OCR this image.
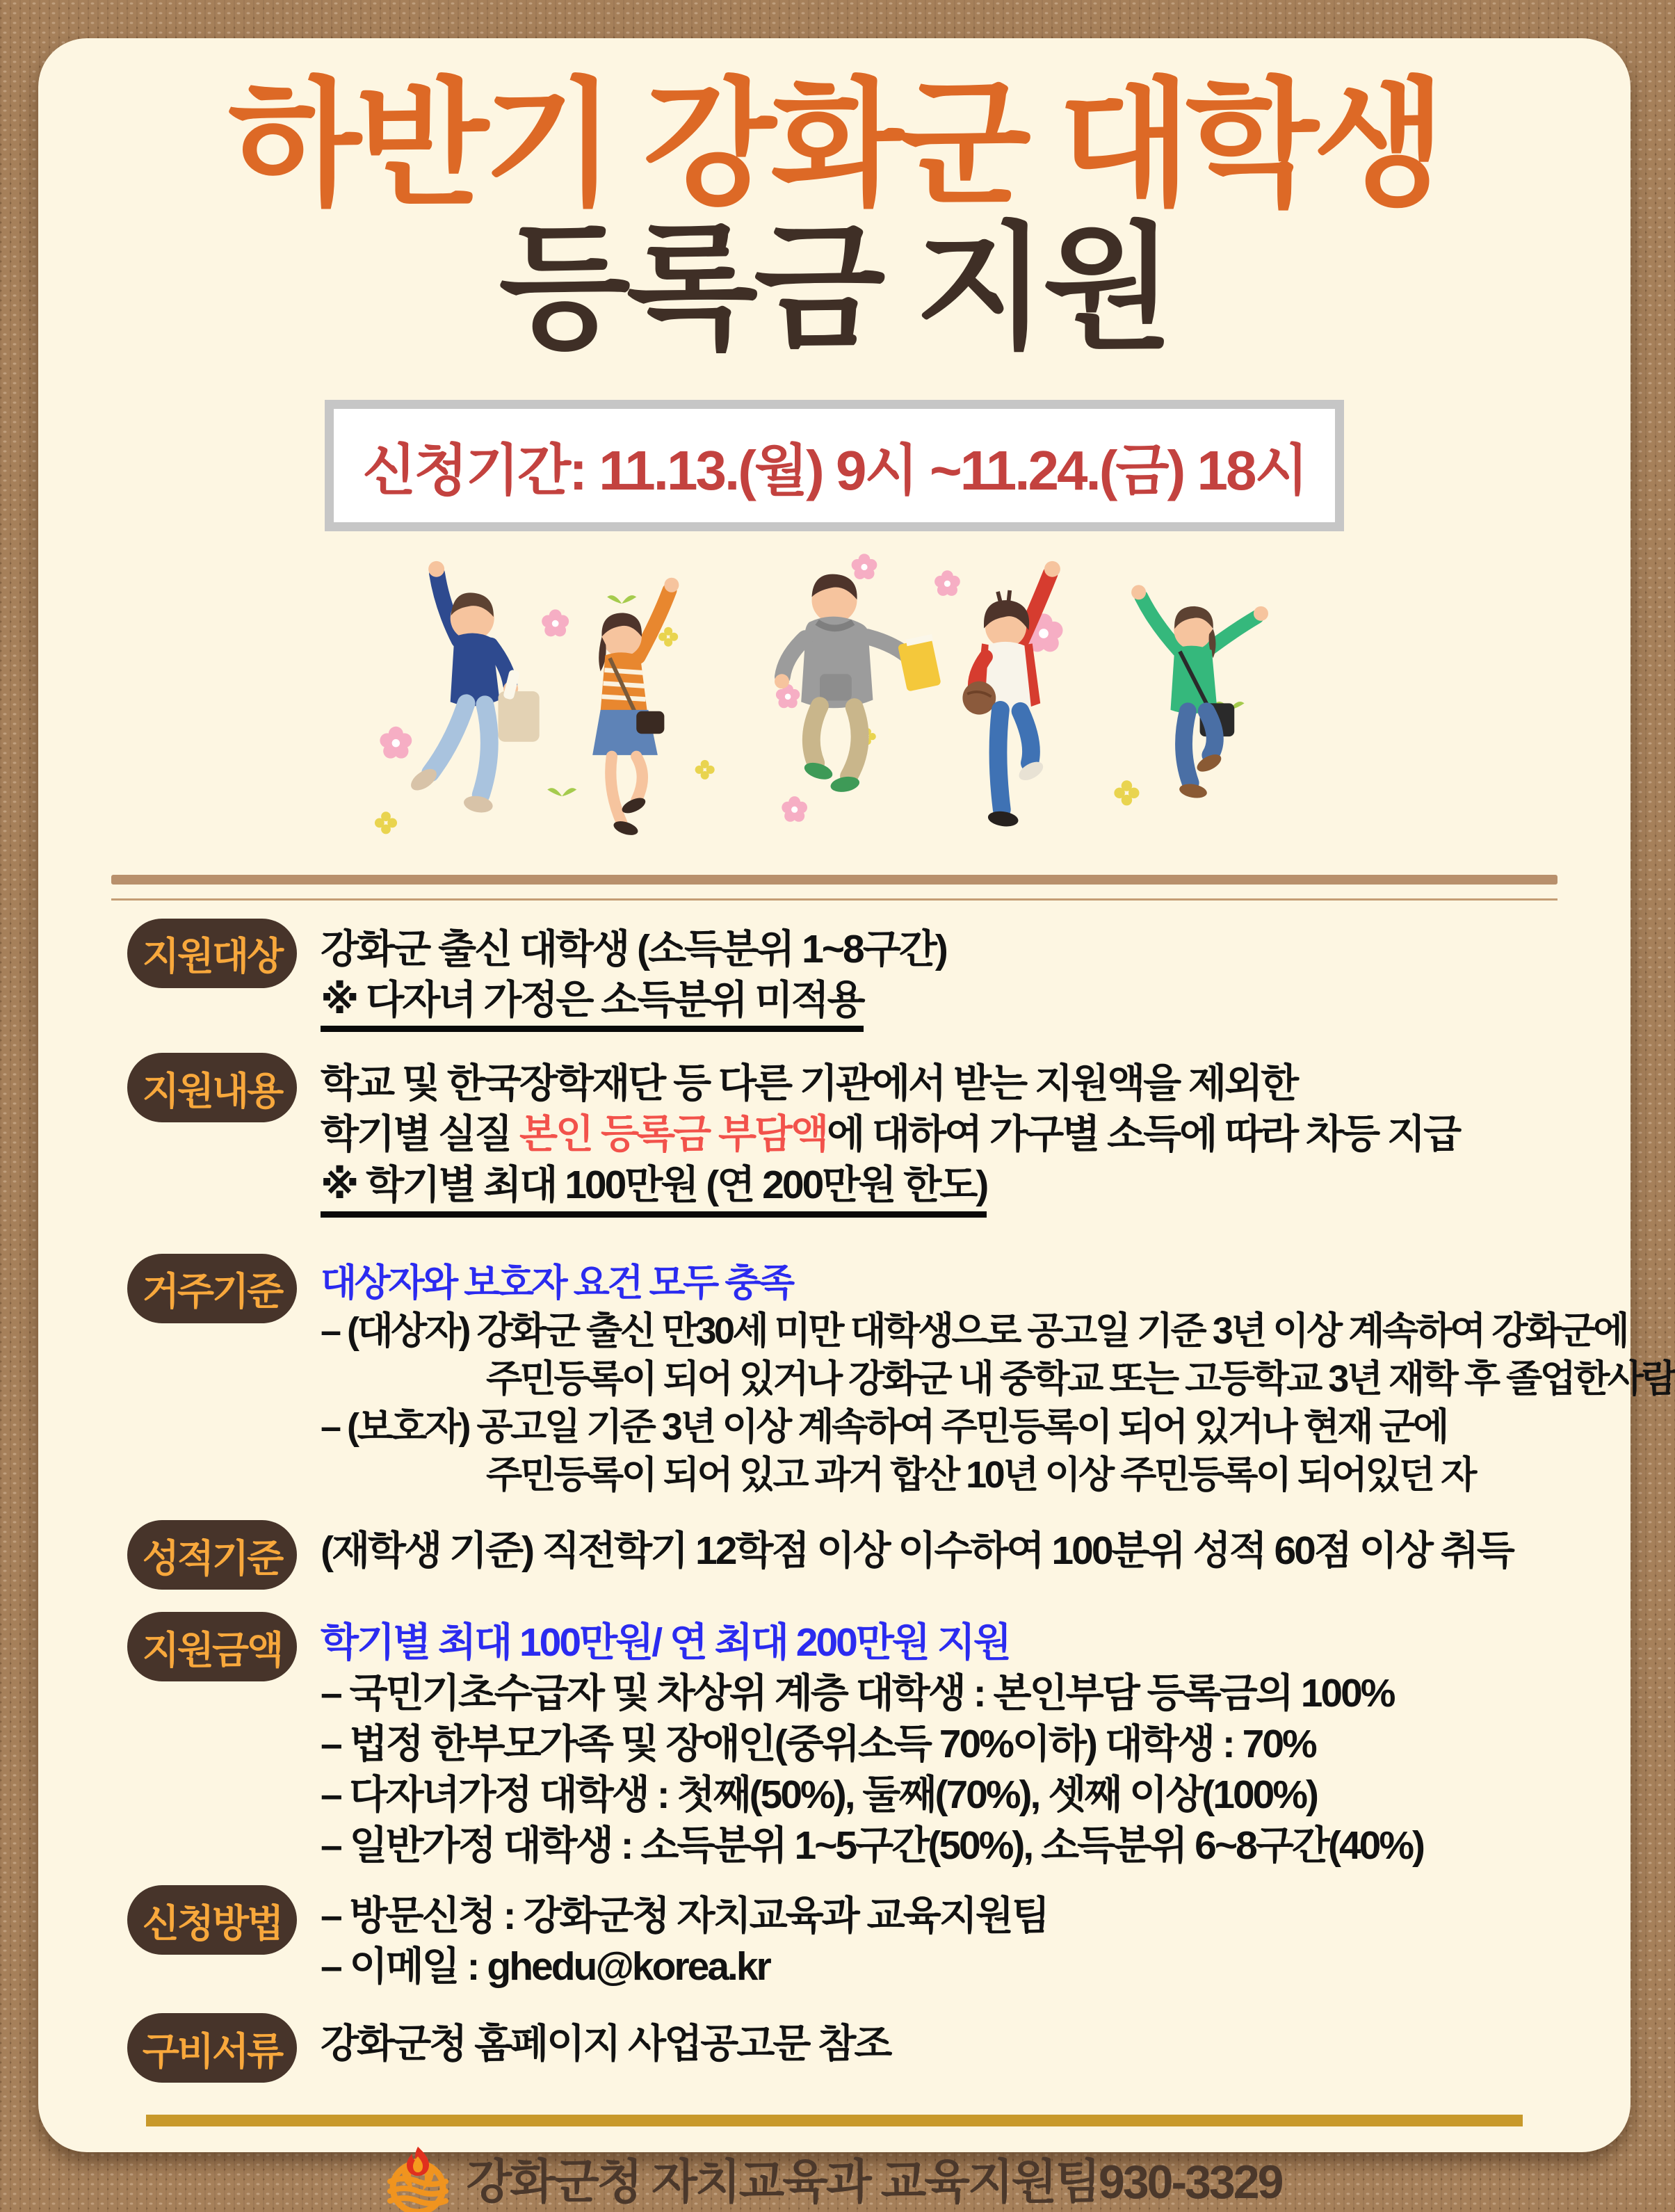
하반기 강화군 대학생
등록금 지원
신청기간: 11.13.(월) 9시 ~11.24.(금) 18시
지원대상 강화군 출신 대학생 (소득분위 1~8구간)
※ 다자녀 가정은 소득분위 미적용
지원내용 학교 및 한국장학재단 등 다른 기관에서 받는 지원액을 제외한
학기별 실질 본인 등록금 부담액에 대하여 가구별 소득에 따라 차등 지급
※ 학기별 최대 100만원 (연 200만원 한도)
거주기준	대상자와 보호자 요건 모두 충족
– (대상자) 강화군 출신 만30세 미만 대학생으로 공고일 기준 3년 이상 계속하여 강화군에
주민등록이 되어 있거나 강화군 내 중학교 또는 고등학교 3년 재학 후 졸업한사람
– (보호자) 공고일 기준 3년 이상 계속하여 주민등록이 되어 있거나 현재 군에
주민등록이 되어 있고 과거 합산 10년 이상 주민등록이 되어있던 자
성적기준 (재학생 기준) 직전학기 12학점 이상 이수하여 100분위 성적 60점 이상 취득
지원금액 학기별 최대 100만원/ 연 최대 200만원 지원
– 국민기초수급자 및 차상위 계층 대학생 : 본인부담 등록금의 100%
– 법정 한부모가족 및 장애인(중위소득 70%이하) 대학생 : 70%
– 다자녀가정 대학생 : 첫째(50%), 둘째(70%), 셋째 이상(100%)
– 일반가정 대학생 : 소득분위 1~5구간(50%), 소득분위 6~8구간(40%)
신청방법 – 방문신청 : 강화군청 자치교육과 교육지원팀
– 이메일 : ghedu@korea.kr
구비서류 강화군청 홈페이지 사업공고문 참조
강화군청 자치교육과 교육지원팀930-3329
